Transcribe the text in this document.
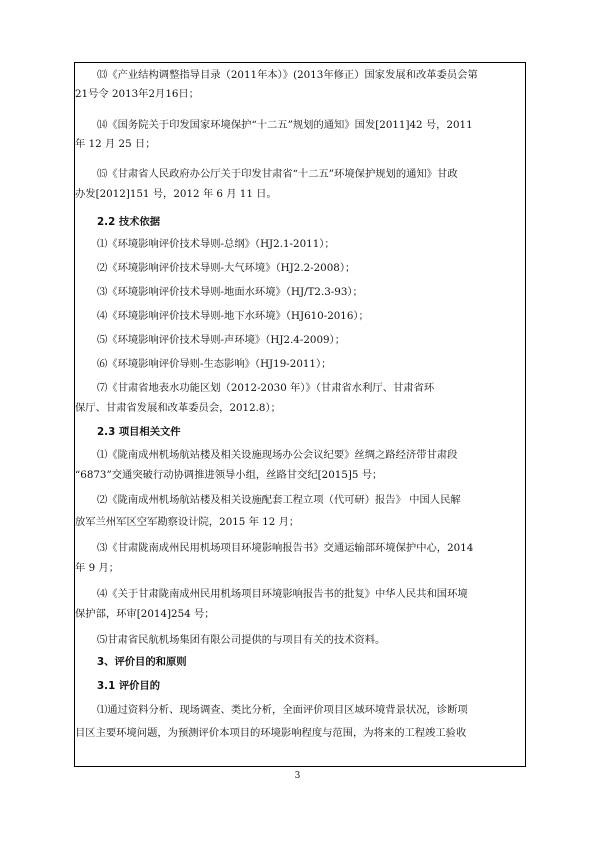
⒀《产业结构调整指导目录（2011年本）》(2013年修正）国家发展和改革委员会第
21号令 2013年2月16日；
⒁《国务院关于印发国家环境保护“十二五”规划的通知》国发[2011]42 号，2011
年 12 月 25 日；
⒂《甘肃省人民政府办公厅关于印发甘肃省“十二五”环境保护规划的通知》甘政
办发[2012]151 号，2012 年 6 月 11 日。
2.2 技术依据
⑴《环境影响评价技术导则-总纲》（HJ2.1-2011）；
⑵《环境影响评价技术导则-大气环境》（HJ2.2-2008）；
⑶《环境影响评价技术导则-地面水环境》（HJ/T2.3-93）；
⑷《环境影响评价技术导则-地下水环境》（HJ610-2016）；
⑸《环境影响评价技术导则-声环境》（HJ2.4-2009）；
⑹《环境影响评价导则-生态影响》（HJ19-2011）；
⑺《甘肃省地表水功能区划（2012-2030 年）》（甘肃省水利厅、甘肃省环
保厅、甘肃省发展和改革委员会，2012.8）；
2.3 项目相关文件
⑴《陇南成州机场航站楼及相关设施现场办公会议纪要》丝绸之路经济带甘肃段
“6873”交通突破行动协调推进领导小组，丝路甘交纪[2015]5 号；
⑵《陇南成州机场航站楼及相关设施配套工程立项（代可研）报告》 中国人民解
放军兰州军区空军勘察设计院，2015 年 12 月；
⑶《甘肃陇南成州民用机场项目环境影响报告书》交通运输部环境保护中心，2014
年 9 月；
⑷《关于甘肃陇南成州民用机场项目环境影响报告书的批复》中华人民共和国环境
保护部，环审[2014]254 号；
⑸甘肃省民航机场集团有限公司提供的与项目有关的技术资料。
3、评价目的和原则
3.1 评价目的
⑴通过资料分析、现场调查、类比分析，全面评价项目区域环境背景状况，诊断项
目区主要环境问题，为预测评价本项目的环境影响程度与范围，为将来的工程竣工验收
3
